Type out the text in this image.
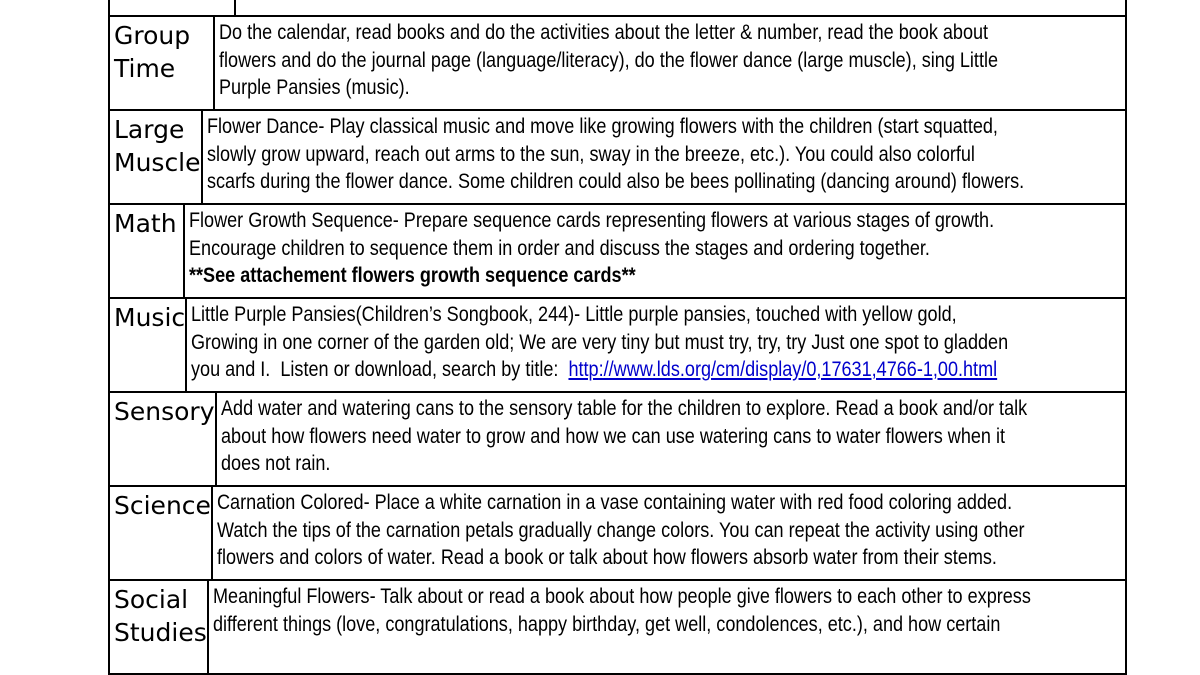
Group
Time
Do the calendar, read books and do the activities about the letter & number, read the book about
flowers and do the journal page (language/literacy), do the flower dance (large muscle), sing Little
Purple Pansies (music).
Large
Muscle
Flower Dance- Play classical music and move like growing flowers with the children (start squatted,
slowly grow upward, reach out arms to the sun, sway in the breeze, etc.). You could also colorful
scarfs during the flower dance. Some children could also be bees pollinating (dancing around) flowers.
Math
Flower Growth Sequence- Prepare sequence cards representing flowers at various stages of growth.
Encourage children to sequence them in order and discuss the stages and ordering together.
**See attachement flowers growth sequence cards**
Music
Little Purple Pansies(Children’s Songbook, 244)- Little purple pansies, touched with yellow gold,
Growing in one corner of the garden old; We are very tiny but must try, try, try Just one spot to gladden
you and I.  Listen or download, search by title:  http://www.lds.org/cm/display/0,17631,4766-1,00.html
Sensory
Add water and watering cans to the sensory table for the children to explore. Read a book and/or talk
about how flowers need water to grow and how we can use watering cans to water flowers when it
does not rain.
Science
Carnation Colored- Place a white carnation in a vase containing water with red food coloring added.
Watch the tips of the carnation petals gradually change colors. You can repeat the activity using other
flowers and colors of water. Read a book or talk about how flowers absorb water from their stems.
Social
Studies
Meaningful Flowers- Talk about or read a book about how people give flowers to each other to express
different things (love, congratulations, happy birthday, get well, condolences, etc.), and how certain
